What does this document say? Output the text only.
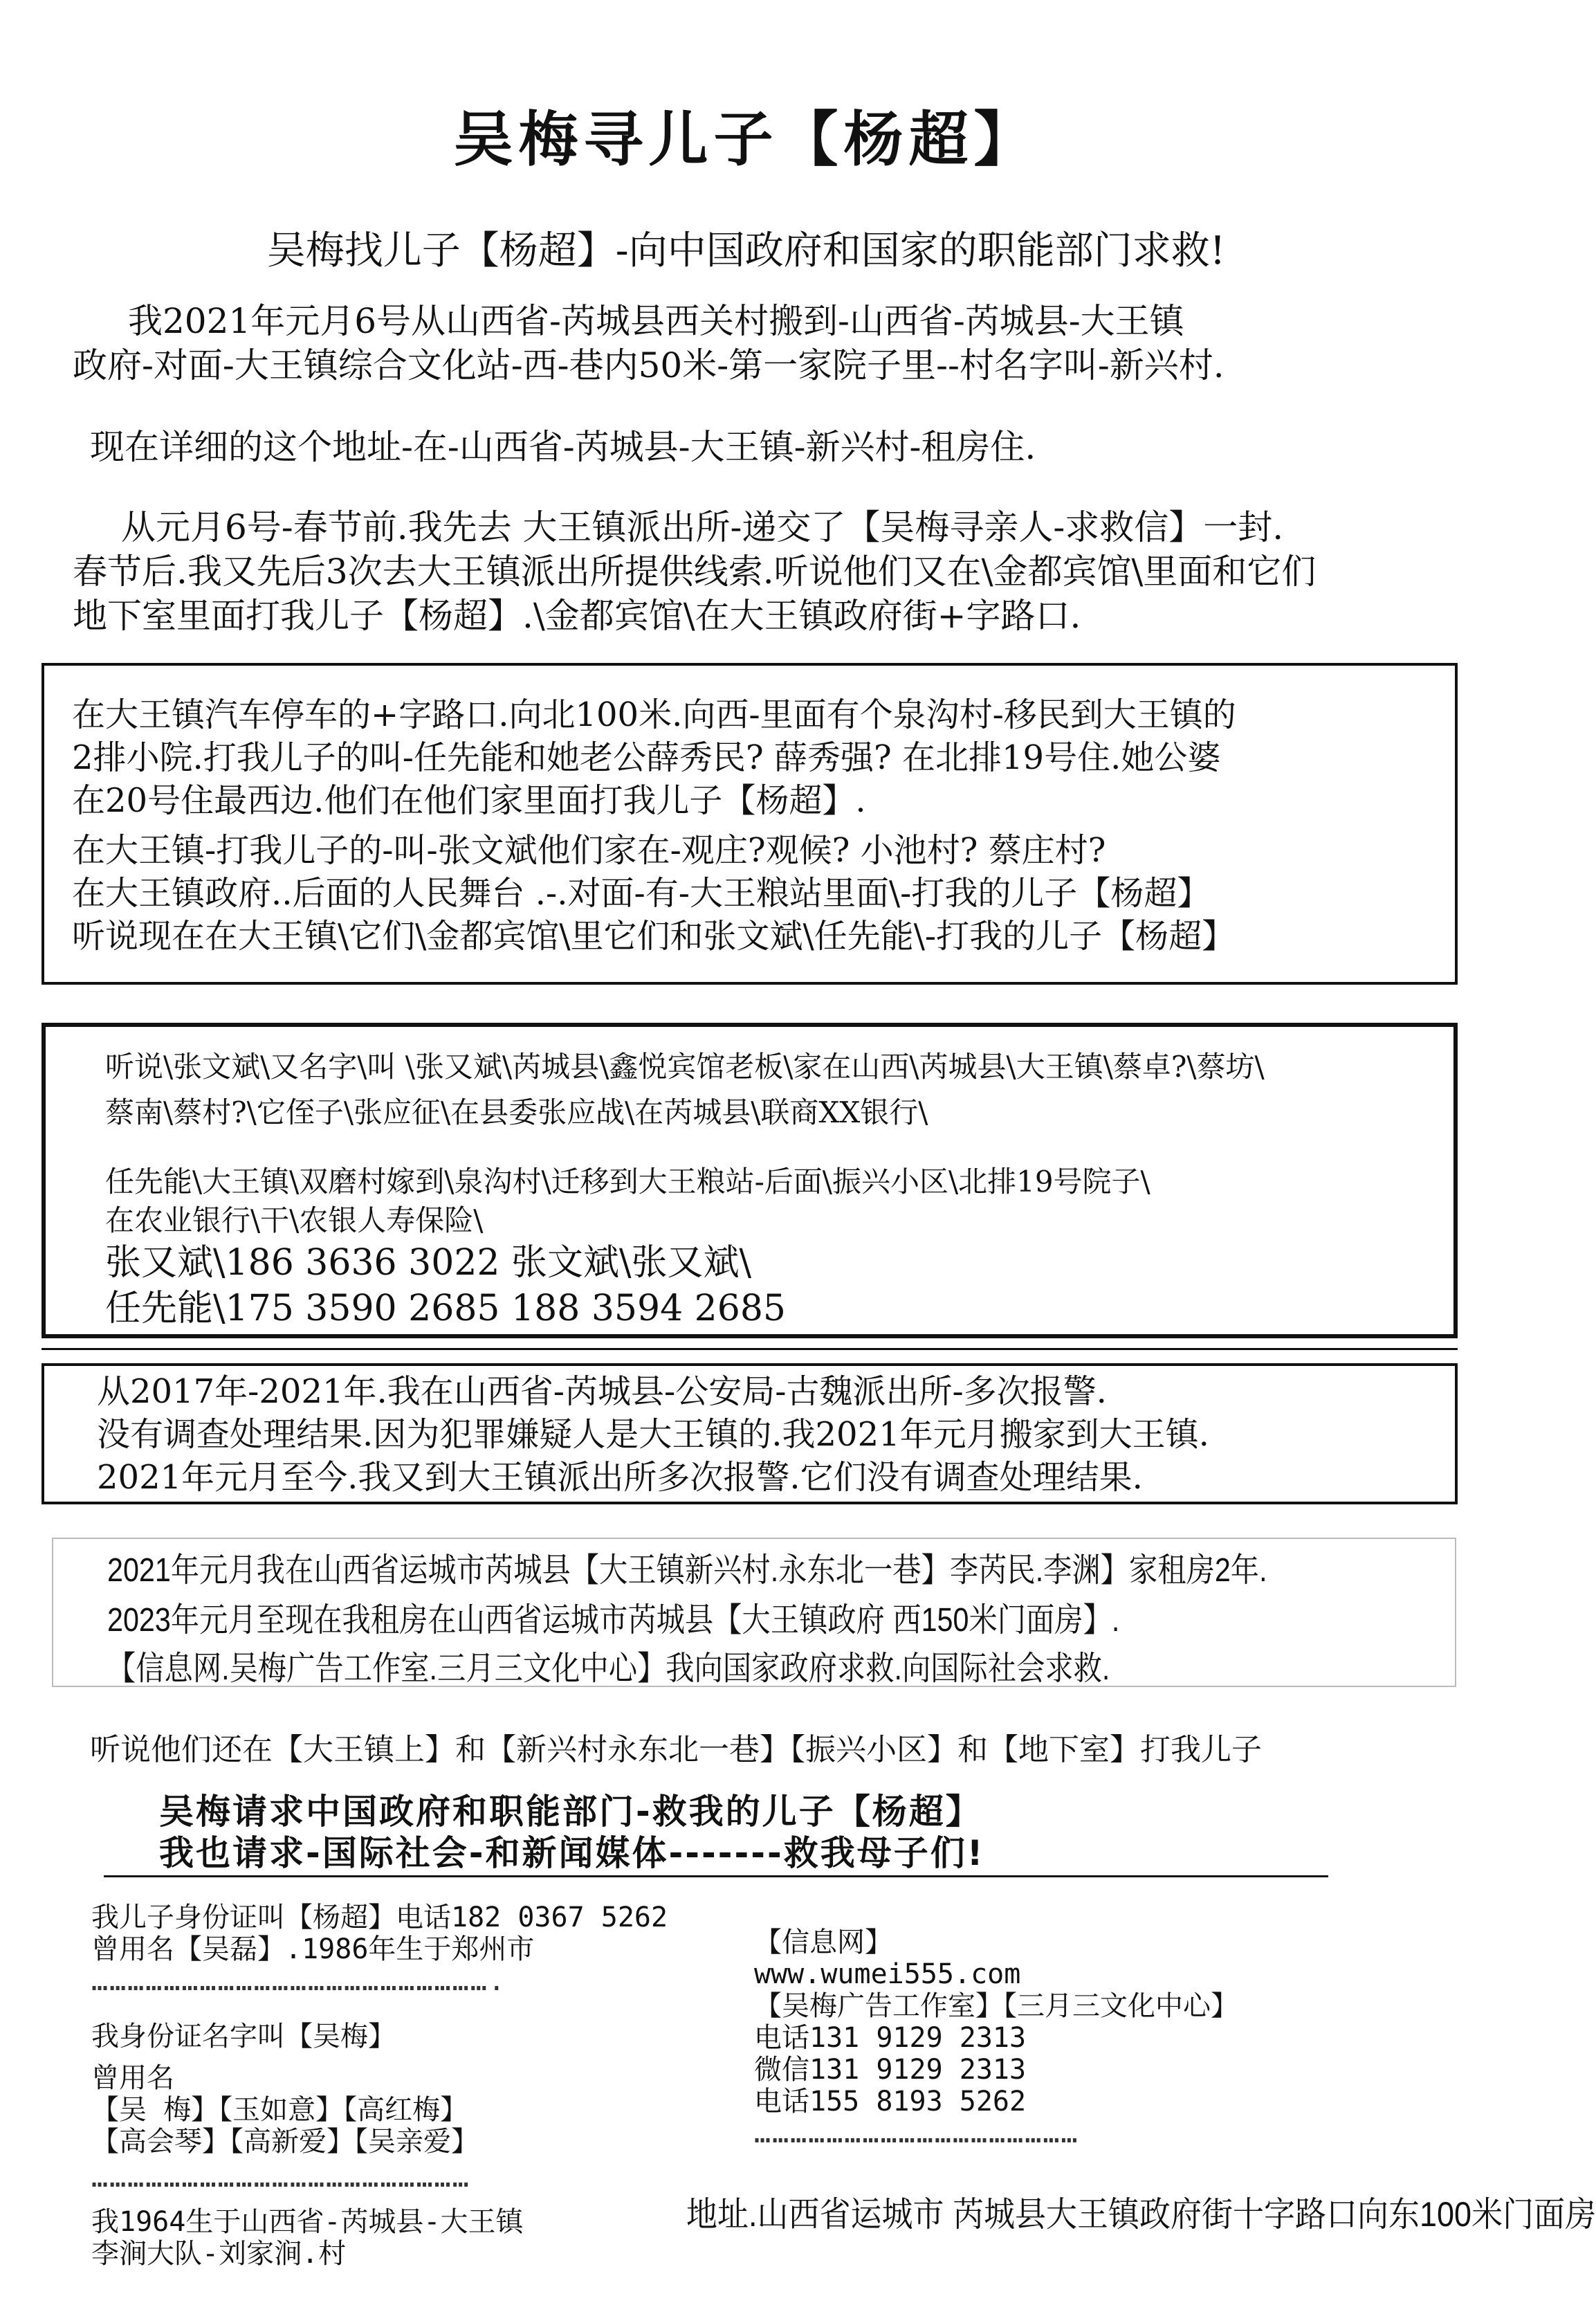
吴梅寻儿子【杨超】
吴梅找儿子【杨超】-向中国政府和国家的职能部门求救!
我2021年元月6号从山西省-芮城县西关村搬到-山西省-芮城县-大王镇
政府-对面-大王镇综合文化站-西-巷内50米-第一家院子里--村名字叫-新兴村.
现在详细的这个地址-在-山西省-芮城县-大王镇-新兴村-租房住.
从元月6号-春节前.我先去 大王镇派出所-递交了【吴梅寻亲人-求救信】一封.
春节后.我又先后3次去大王镇派出所提供线索.听说他们又在\金都宾馆\里面和它们
地下室里面打我儿子【杨超】.\金都宾馆\在大王镇政府街+字路口.
在大王镇汽车停车的+字路口.向北100米.向西-里面有个泉沟村-移民到大王镇的
2排小院.打我儿子的叫-任先能和她老公薛秀民? 薛秀强? 在北排19号住.她公婆
在20号住最西边.他们在他们家里面打我儿子【杨超】.
在大王镇-打我儿子的-叫-张文斌他们家在-观庄?观候? 小池村? 蔡庄村?
在大王镇政府..后面的人民舞台 .-.对面-有-大王粮站里面\-打我的儿子【杨超】
听说现在在大王镇\它们\金都宾馆\里它们和张文斌\任先能\-打我的儿子【杨超】
听说\张文斌\又名字\叫 \张又斌\芮城县\鑫悦宾馆老板\家在山西\芮城县\大王镇\蔡卓?\蔡坊\
蔡南\蔡村?\它侄子\张应征\在县委张应战\在芮城县\联商XX银行\
任先能\大王镇\双磨村嫁到\泉沟村\迁移到大王粮站-后面\振兴小区\北排19号院子\
在农业银行\干\农银人寿保险\
张又斌\186 3636 3022 张文斌\张又斌\
任先能\175 3590 2685 188 3594 2685
从2017年-2021年.我在山西省-芮城县-公安局-古魏派出所-多次报警.
没有调查处理结果.因为犯罪嫌疑人是大王镇的.我2021年元月搬家到大王镇.
2021年元月至今.我又到大王镇派出所多次报警.它们没有调查处理结果.
2021年元月我在山西省运城市芮城县【大王镇新兴村.永东北一巷】李芮民.李渊】家租房2年.
2023年元月至现在我租房在山西省运城市芮城县【大王镇政府 西150米门面房】.
【信息网.吴梅广告工作室.三月三文化中心】我向国家政府求救.向国际社会求救.
听说他们还在【大王镇上】和【新兴村永东北一巷】【振兴小区】和【地下室】打我儿子
吴梅请求中国政府和职能部门-救我的儿子【杨超】
我也请求-国际社会-和新闻媒体-------救我母子们!
我儿子身份证叫【杨超】电话182 0367 5262
曾用名【吴磊】.1986年生于郑州市
………………………………………………………….
我身份证名字叫【吴梅】
曾用名
【吴 梅】【玉如意】【高红梅】
【高会琴】【高新爱】【吴亲爱】
………………………………………………………
我1964生于山西省-芮城县-大王镇
李涧大队-刘家涧.村
【信息网】
www.wumei555.com
【吴梅广告工作室】【三月三文化中心】
电话131 9129 2313
微信131 9129 2313
电话155 8193 5262
………………………………………………
地址.山西省运城市 芮城县大王镇政府街十字路口向东100米门面房
